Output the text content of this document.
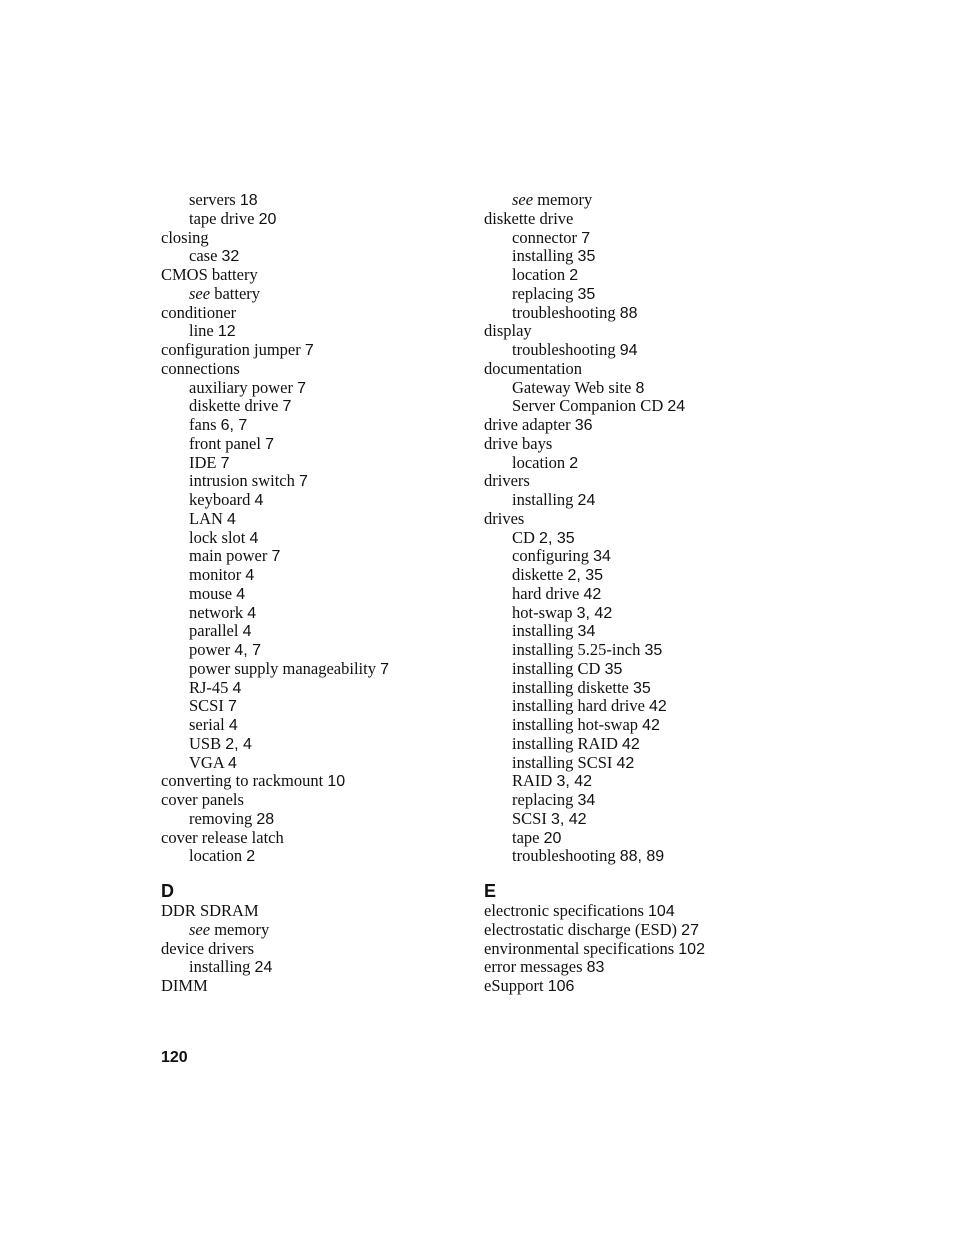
servers 18
tape drive 20
closing
case 32
CMOS battery
see battery
conditioner
line 12
configuration jumper 7
connections
auxiliary power 7
diskette drive 7
fans 6, 7
front panel 7
IDE 7
intrusion switch 7
keyboard 4
LAN 4
lock slot 4
main power 7
monitor 4
mouse 4
network 4
parallel 4
power 4, 7
power supply manageability 7
RJ-45 4
SCSI 7
serial 4
USB 2, 4
VGA 4
converting to rackmount 10
cover panels
removing 28
cover release latch
location 2
see memory
diskette drive
connector 7
installing 35
location 2
replacing 35
troubleshooting 88
display
troubleshooting 94
documentation
Gateway Web site 8
Server Companion CD 24
drive adapter 36
drive bays
location 2
drivers
installing 24
drives
CD 2, 35
configuring 34
diskette 2, 35
hard drive 42
hot-swap 3, 42
installing 34
installing 5.25-inch 35
installing CD 35
installing diskette 35
installing hard drive 42
installing hot-swap 42
installing RAID 42
installing SCSI 42
RAID 3, 42
replacing 34
SCSI 3, 42
tape 20
troubleshooting 88, 89
D
DDR SDRAM
see memory
device drivers
installing 24
DIMM
E
electronic specifications 104
electrostatic discharge (ESD) 27
environmental specifications 102
error messages 83
eSupport 106
120
